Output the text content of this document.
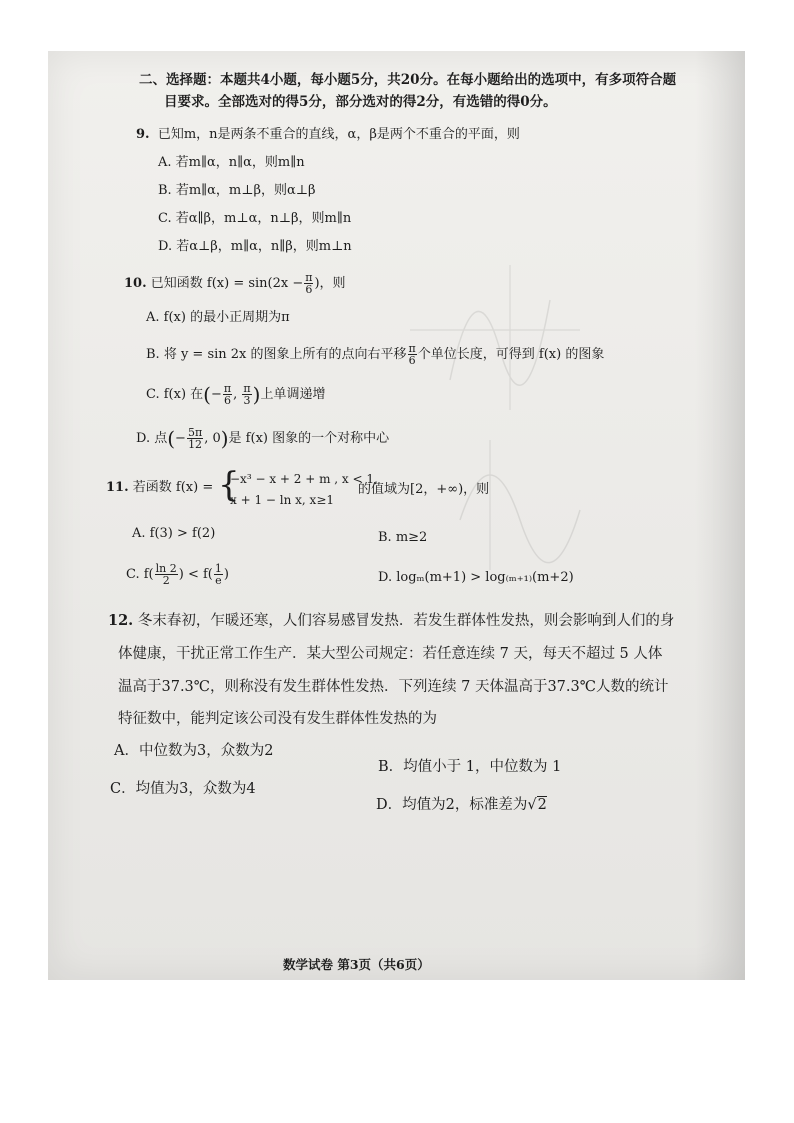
二、选择题：本题共4小题，每小题5分，共20分。在每小题给出的选项中，有多项符合题
目要求。全部选对的得5分，部分选对的得2分，有选错的得0分。
9. 已知m，n是两条不重合的直线，α，β是两个不重合的平面，则
A. 若m∥α，n∥α，则m∥n
B. 若m∥α，m⊥β，则α⊥β
C. 若α∥β，m⊥α，n⊥β，则m∥n
D. 若α⊥β，m∥α，n∥β，则m⊥n
10. 已知函数 $f(x) = \sin(2x - \frac{\pi}{6}$ )，则
A. f(x) 的最小正周期为π
B. 将 y = sin 2x 的图象上所有的点向右平移 $\frac{\pi}{6}$ 个单位长度，可得到 f(x) 的图象
C. f(x) 在(− $\frac{\pi}{6}$ , $\frac{\pi}{3}$ )上单调递增
D. 点(− $\frac{5\pi}{12}$ , 0)是 f(x) 图象的一个对称中心
11. 若函数 f(x) = {
−x³ − x + 2 + m , x < 1,
x + 1 − ln x, x≥1
的值域为[2，+∞)，则
A. f(3) > f(2)	B. m≥2
C. $f( \frac{\ln 2}{2}$ ) < $f( \frac{1}{e}$ )	D. logₘ(m+1) > log₍ₘ₊₁₎(m+2)
12. 冬末春初，乍暖还寒，人们容易感冒发热．若发生群体性发热，则会影响到人们的身
体健康，干扰正常工作生产．某大型公司规定：若任意连续 7 天，每天不超过 5 人体
温高于37.3℃，则称没有发生群体性发热．下列连续 7 天体温高于37.3℃人数的统计
特征数中，能判定该公司没有发生群体性发热的为
A．中位数为3，众数为2
B．均值小于 1，中位数为 1
C．均值为3，众数为4
D．均值为2，标准差为√2
数学试卷 第3页（共6页）
